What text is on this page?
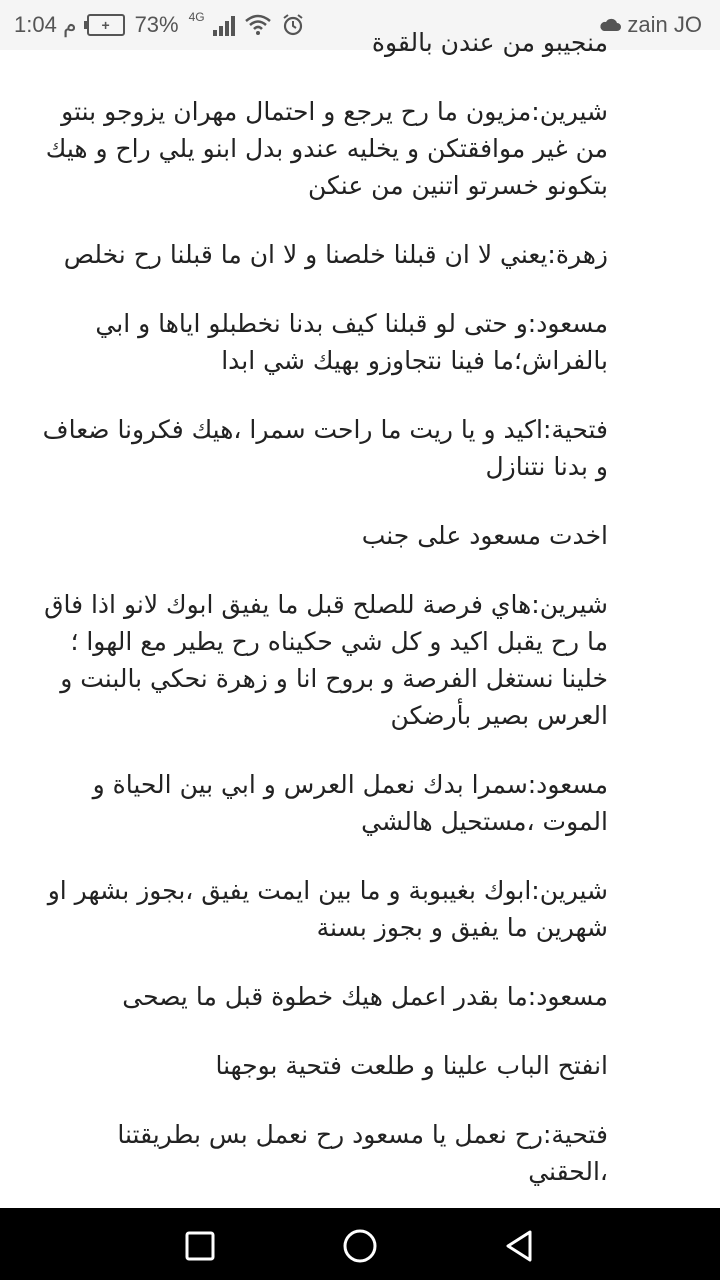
1:04 م	+	73% 4G	zain JO

منجيبو من عندن بالقوة

شيرين:مزيون ما رح يرجع و احتمال مهران يزوجو بنتو من غير موافقتكن و يخليه عندو بدل ابنو يلي راح و هيك بتكونو خسرتو اتنين من عنكن

زهرة:يعني لا ان قبلنا خلصنا و لا ان ما قبلنا رح نخلص

مسعود:و حتى لو قبلنا كيف بدنا نخطبلو اياها و ابي بالفراش؛ما فينا نتجاوزو بهيك شي ابدا

فتحية:اكيد و يا ريت ما راحت سمرا ،هيك فكرونا ضعاف و بدنا نتنازل

اخدت مسعود على جنب

شيرين:هاي فرصة للصلح قبل ما يفيق ابوك لانو اذا فاق ما رح يقبل اكيد و كل شي حكيناه رح يطير مع الهوا ؛خلينا نستغل الفرصة و بروح انا و زهرة نحكي بالبنت و العرس بصير بأرضكن

مسعود:سمرا بدك نعمل العرس و ابي بين الحياة و الموت ،مستحيل هالشي

شيرين:ابوك بغيبوبة و ما بين ايمت يفيق ،بجوز بشهر او شهرين ما يفيق و بجوز بسنة

مسعود:ما بقدر اعمل هيك خطوة قبل ما يصحى

انفتح الباب علينا و طلعت فتحية بوجهنا

فتحية:رح نعمل يا مسعود رح نعمل بس بطريقتنا ،الحقني
